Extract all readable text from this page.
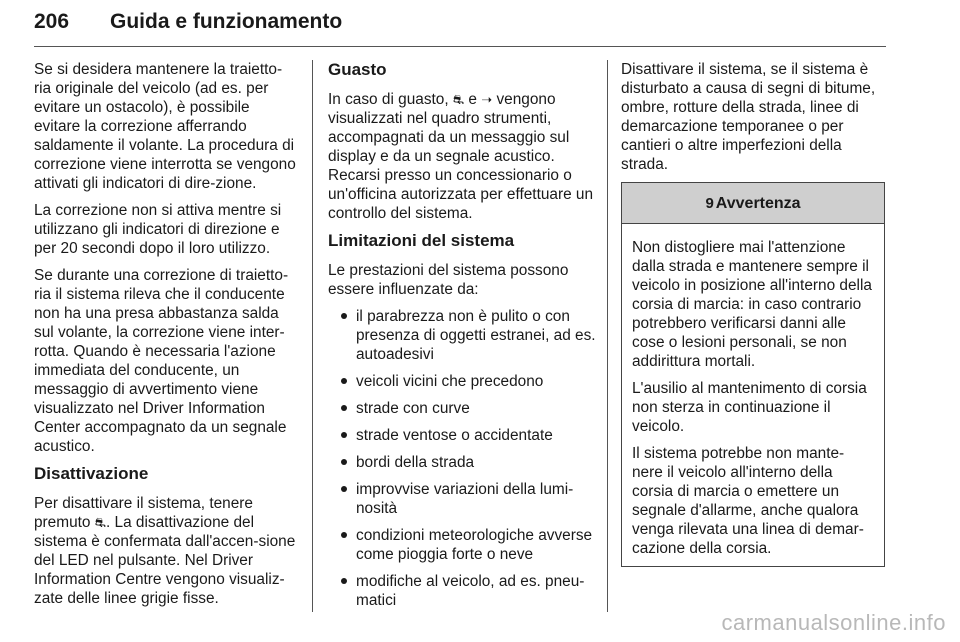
206 Guida e funzionamento

Se si desidera mantenere la traietto-ria originale del veicolo (ad es. per evitare un ostacolo), è possibile evitare la correzione afferrando saldamente il volante. La procedura di correzione viene interrotta se vengono attivati gli indicatori di dire-zione.

La correzione non si attiva mentre si utilizzano gli indicatori di direzione e per 20 secondi dopo il loro utilizzo.

Se durante una correzione di traietto-ria il sistema rileva che il conducente non ha una presa abbastanza salda sul volante, la correzione viene inter-rotta. Quando è necessaria l'azione immediata del conducente, un messaggio di avvertimento viene visualizzato nel Driver Information Center accompagnato da un segnale acustico.

Disattivazione

Per disattivare il sistema, tenere premuto ⛐. La disattivazione del sistema è confermata dall'accen-sione del LED nel pulsante. Nel Driver Information Centre vengono visualiz-zate delle linee grigie fisse.

Guasto

In caso di guasto, ⛐ e ➝ vengono visualizzati nel quadro strumenti, accompagnati da un messaggio sul display e da un segnale acustico. Recarsi presso un concessionario o un'officina autorizzata per effettuare un controllo del sistema.

Limitazioni del sistema

Le prestazioni del sistema possono essere influenzate da:

il parabrezza non è pulito o con presenza di oggetti estranei, ad es. autoadesivi
veicoli vicini che precedono
strade con curve
strade ventose o accidentate
bordi della strada
improvvise variazioni della lumi-nosità
condizioni meteorologiche avverse come pioggia forte o neve
modifiche al veicolo, ad es. pneu-matici

Disattivare il sistema, se il sistema è disturbato a causa di segni di bitume, ombre, rotture della strada, linee di demarcazione temporanee o per cantieri o altre imperfezioni della strada.

9 Avvertenza

Non distogliere mai l'attenzione dalla strada e mantenere sempre il veicolo in posizione all'interno della corsia di marcia: in caso contrario potrebbero verificarsi danni alle cose o lesioni personali, se non addirittura mortali.

L'ausilio al mantenimento di corsia non sterza in continuazione il veicolo.

Il sistema potrebbe non mante-nere il veicolo all'interno della corsia di marcia o emettere un segnale d'allarme, anche qualora venga rilevata una linea di demar-cazione della corsia.

carmanualsonline.info
